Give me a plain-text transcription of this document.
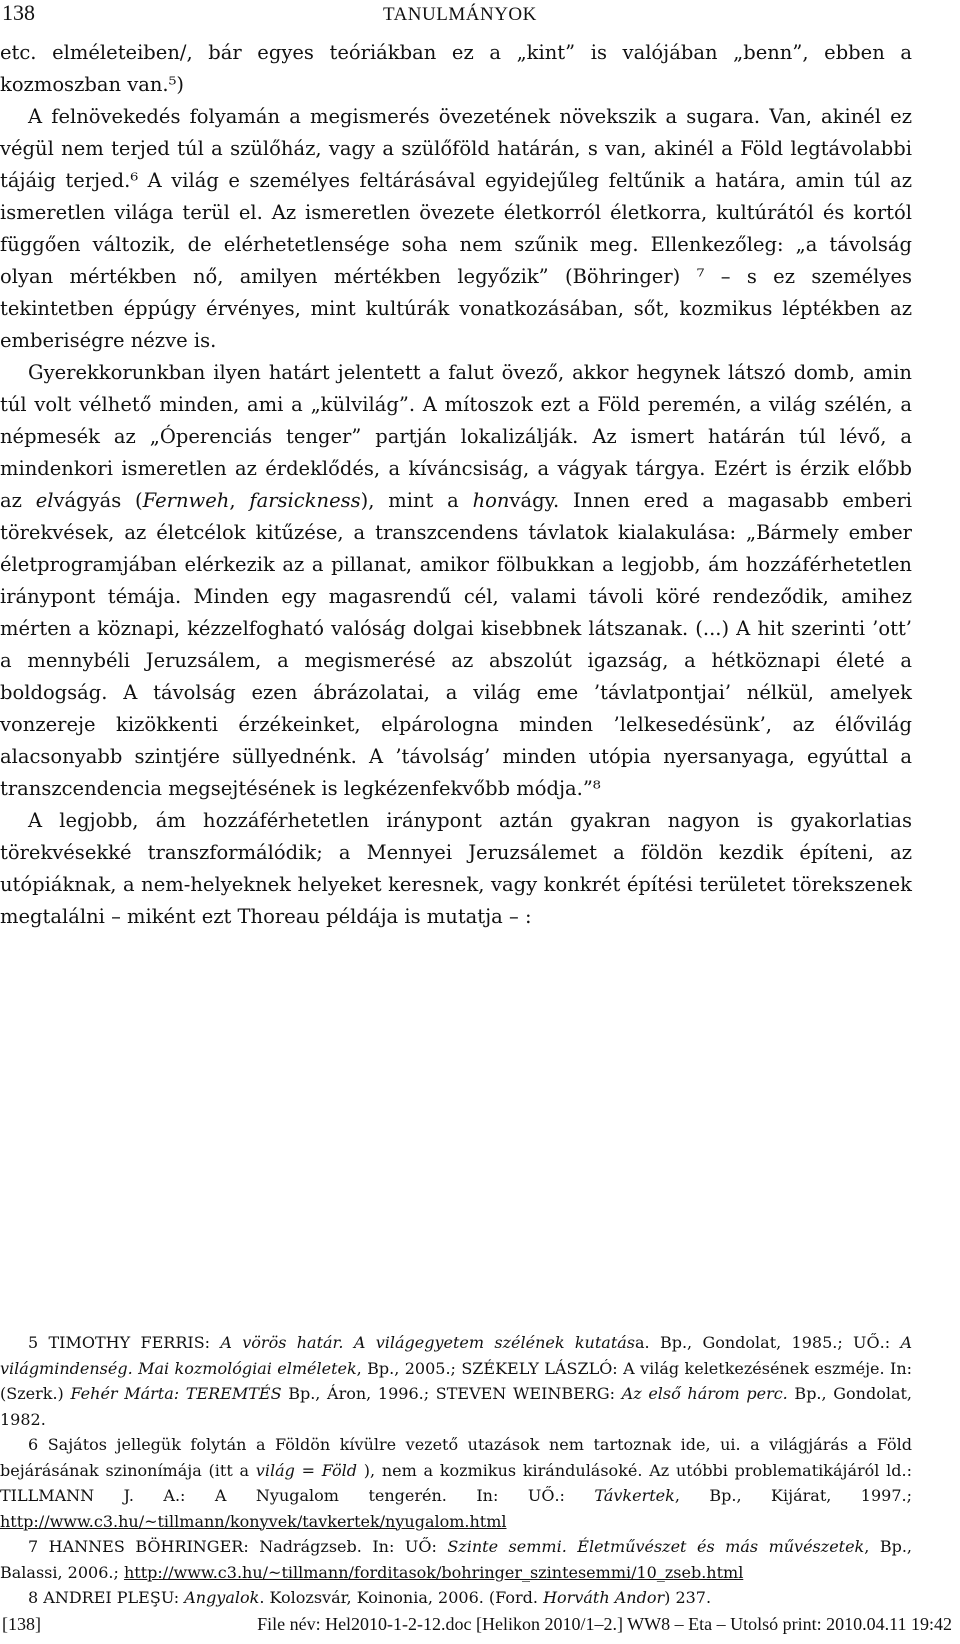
138	TANULMÁNYOK

etc. elméleteiben/, bár egyes teóriákban ez a „kint” is valójában „benn”, ebben a kozmoszban van.⁵)

A felnövekedés folyamán a megismerés övezetének növekszik a sugara. Van, akinél ez végül nem terjed túl a szülőház, vagy a szülőföld határán, s van, akinél a Föld legtávolabbi tájáig terjed.⁶ A világ e személyes feltárásával egyidejűleg feltűnik a határa, amin túl az ismeretlen világa terül el. Az ismeretlen övezete életkorról életkorra, kultúrától és kortól függően változik, de elérhetetlensége soha nem szűnik meg. Ellenkezőleg: „a távolság olyan mértékben nő, amilyen mértékben legyőzik” (Böhringer) ⁷ – s ez személyes tekintetben éppúgy érvényes, mint kultúrák vonatkozásában, sőt, kozmikus léptékben az emberiségre nézve is.

Gyerekkorunkban ilyen határt jelentett a falut övező, akkor hegynek látszó domb, amin túl volt vélhető minden, ami a „külvilág”. A mítoszok ezt a Föld peremén, a világ szélén, a népmesék az „Óperenciás tenger” partján lokalizálják. Az ismert határán túl lévő, a mindenkori ismeretlen az érdeklődés, a kíváncsiság, a vágyak tárgya. Ezért is érzik előbb az elvágyás (Fernweh, farsickness), mint a honvágy. Innen ered a magasabb emberi törekvések, az életcélok kitűzése, a transzcendens távlatok kialakulása: „Bármely ember életprogramjában elérkezik az a pillanat, amikor fölbukkan a legjobb, ám hozzáférhetetlen iránypont témája. Minden egy magasrendű cél, valami távoli köré rendeződik, amihez mérten a köznapi, kézzelfogható valóság dolgai kisebbnek látszanak. (...) A hit szerinti ’ott’ a mennybéli Jeruzsálem, a megismerésé az abszolút igazság, a hétköznapi életé a boldogság. A távolság ezen ábrázolatai, a világ eme ’távlatpontjai’ nélkül, amelyek vonzereje kizökkenti érzékeinket, elpárologna minden ’lelkesedésünk’, az élővilág alacsonyabb szintjére süllyednénk. A ’távolság’ minden utópia nyersanyaga, egyúttal a transzcendencia megsejtésének is legkézenfekvőbb módja.”⁸

A legjobb, ám hozzáférhetetlen iránypont aztán gyakran nagyon is gyakorlatias törekvésekké transzformálódik; a Mennyei Jeruzsálemet a földön kezdik építeni, az utópiáknak, a nem-helyeknek helyeket keresnek, vagy konkrét építési területet törekszenek megtalálni – miként ezt Thoreau példája is mutatja – :

5 TIMOTHY FERRIS: A vörös határ. A világegyetem szélének kutatása. Bp., Gondolat, 1985.; UŐ.: A világmindenség. Mai kozmológiai elméletek, Bp., 2005.; SZÉKELY LÁSZLÓ: A világ keletkezésének eszméje. In: (Szerk.) Fehér Márta: TEREMTÉS Bp., Áron, 1996.; STEVEN WEINBERG: Az első három perc. Bp., Gondolat, 1982.

6 Sajátos jellegük folytán a Földön kívülre vezető utazások nem tartoznak ide, ui. a világjárás a Föld bejárásának szinonímája (itt a világ = Föld ), nem a kozmikus kirándulásoké. Az utóbbi problematikájáról ld.: TILLMANN J. A.: A Nyugalom tengerén. In: UŐ.: Távkertek, Bp., Kijárat, 1997.; http://www.c3.hu/~tillmann/konyvek/tavkertek/nyugalom.html

7 HANNES BÖHRINGER: Nadrágzseb. In: UŐ: Szinte semmi. Életművészet és más művészetek, Bp., Balassi, 2006.; http://www.c3.hu/~tillmann/forditasok/bohringer_szintesemmi/10_zseb.html

8 ANDREI PLEŞU: Angyalok. Kolozsvár, Koinonia, 2006. (Ford. Horváth Andor) 237.

[138]	File név: Hel2010-1-2-12.doc [Helikon 2010/1–2.] WW8 – Eta – Utolsó print: 2010.04.11 19:42
